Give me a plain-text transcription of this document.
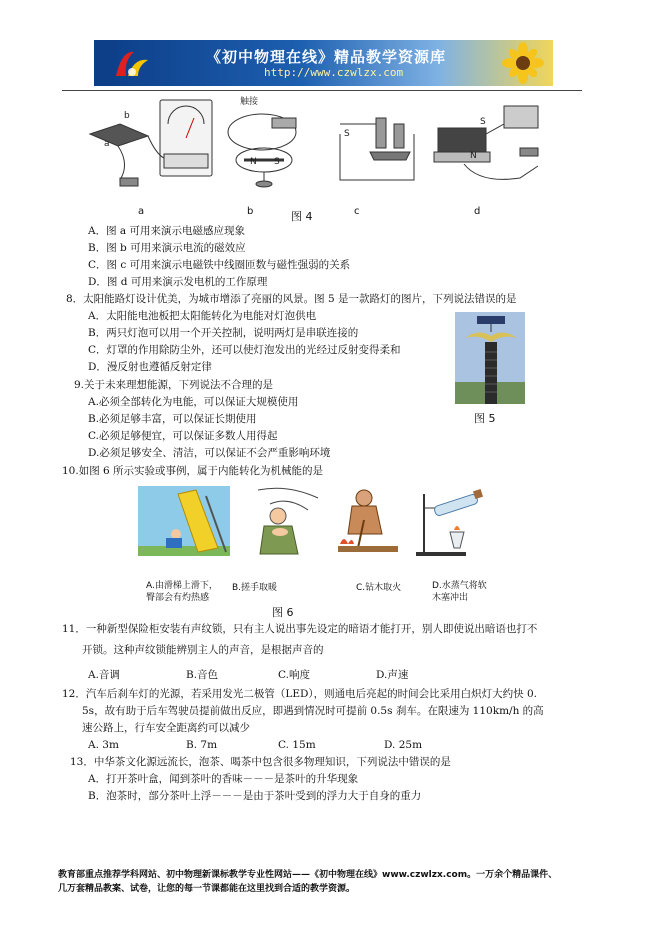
《初中物理在线》精品教学资源库
http://www.czwlzx.com
a
b
触接
N S
S
S
N
a	b	图 4	c	d
A．图 a 可用来演示电磁感应现象
B．图 b 可用来演示电流的磁效应
C．图 c 可用来演示电磁铁中线圈匝数与磁性强弱的关系
D．图 d 可用来演示发电机的工作原理
8．太阳能路灯设计优美，为城市增添了亮丽的风景。图 5 是一款路灯的图片，下列说法错误的是
A．太阳能电池板把太阳能转化为电能对灯泡供电
B．两只灯泡可以用一个开关控制，说明两灯是串联连接的
C．灯罩的作用除防尘外，还可以使灯泡发出的光经过反射变得柔和
D．漫反射也遵循反射定律
图 5
9.关于未来理想能源，下列说法不合理的是
A.必须全部转化为电能，可以保证大规模使用
B.必须足够丰富，可以保证长期使用
C.必须足够便宜，可以保证多数人用得起
D.必须足够安全、清洁，可以保证不会严重影响环境
10.如图 6 所示实验或事例，属于内能转化为机械能的是
A.由滑梯上滑下，
臀部会有灼热感
B.搓手取暖	C.钻木取火	D.水蒸气将软
木塞冲出
图 6
11．一种新型保险柜安装有声纹锁，只有主人说出事先设定的暗语才能打开，别人即使说出暗语也打不
开锁。这种声纹锁能辨别主人的声音，是根据声音的
A.音调	B.音色	C.响度	D.声速
12．汽车后刹车灯的光源，若采用发光二极管（LED），则通电后亮起的时间会比采用白炽灯大约快 0.
5s，故有助于后车驾驶员提前做出反应，即遇到情况时可提前 0.5s 刹车。在限速为 110km/h 的高
速公路上，行车安全距离约可以减少
A. 3m	B. 7m	C. 15m	D. 25m
13．中华茶文化源远流长，泡茶、喝茶中包含很多物理知识，下列说法中错误的是
A．打开茶叶盒，闻到茶叶的香味－－－是茶叶的升华现象
B．泡茶时，部分茶叶上浮－－－是由于茶叶受到的浮力大于自身的重力
教育部重点推荐学科网站、初中物理新课标教学专业性网站——《初中物理在线》www.czwlzx.com。一万余个精品课件、
几万套精品教案、试卷，让您的每一节课都能在这里找到合适的教学资源。
